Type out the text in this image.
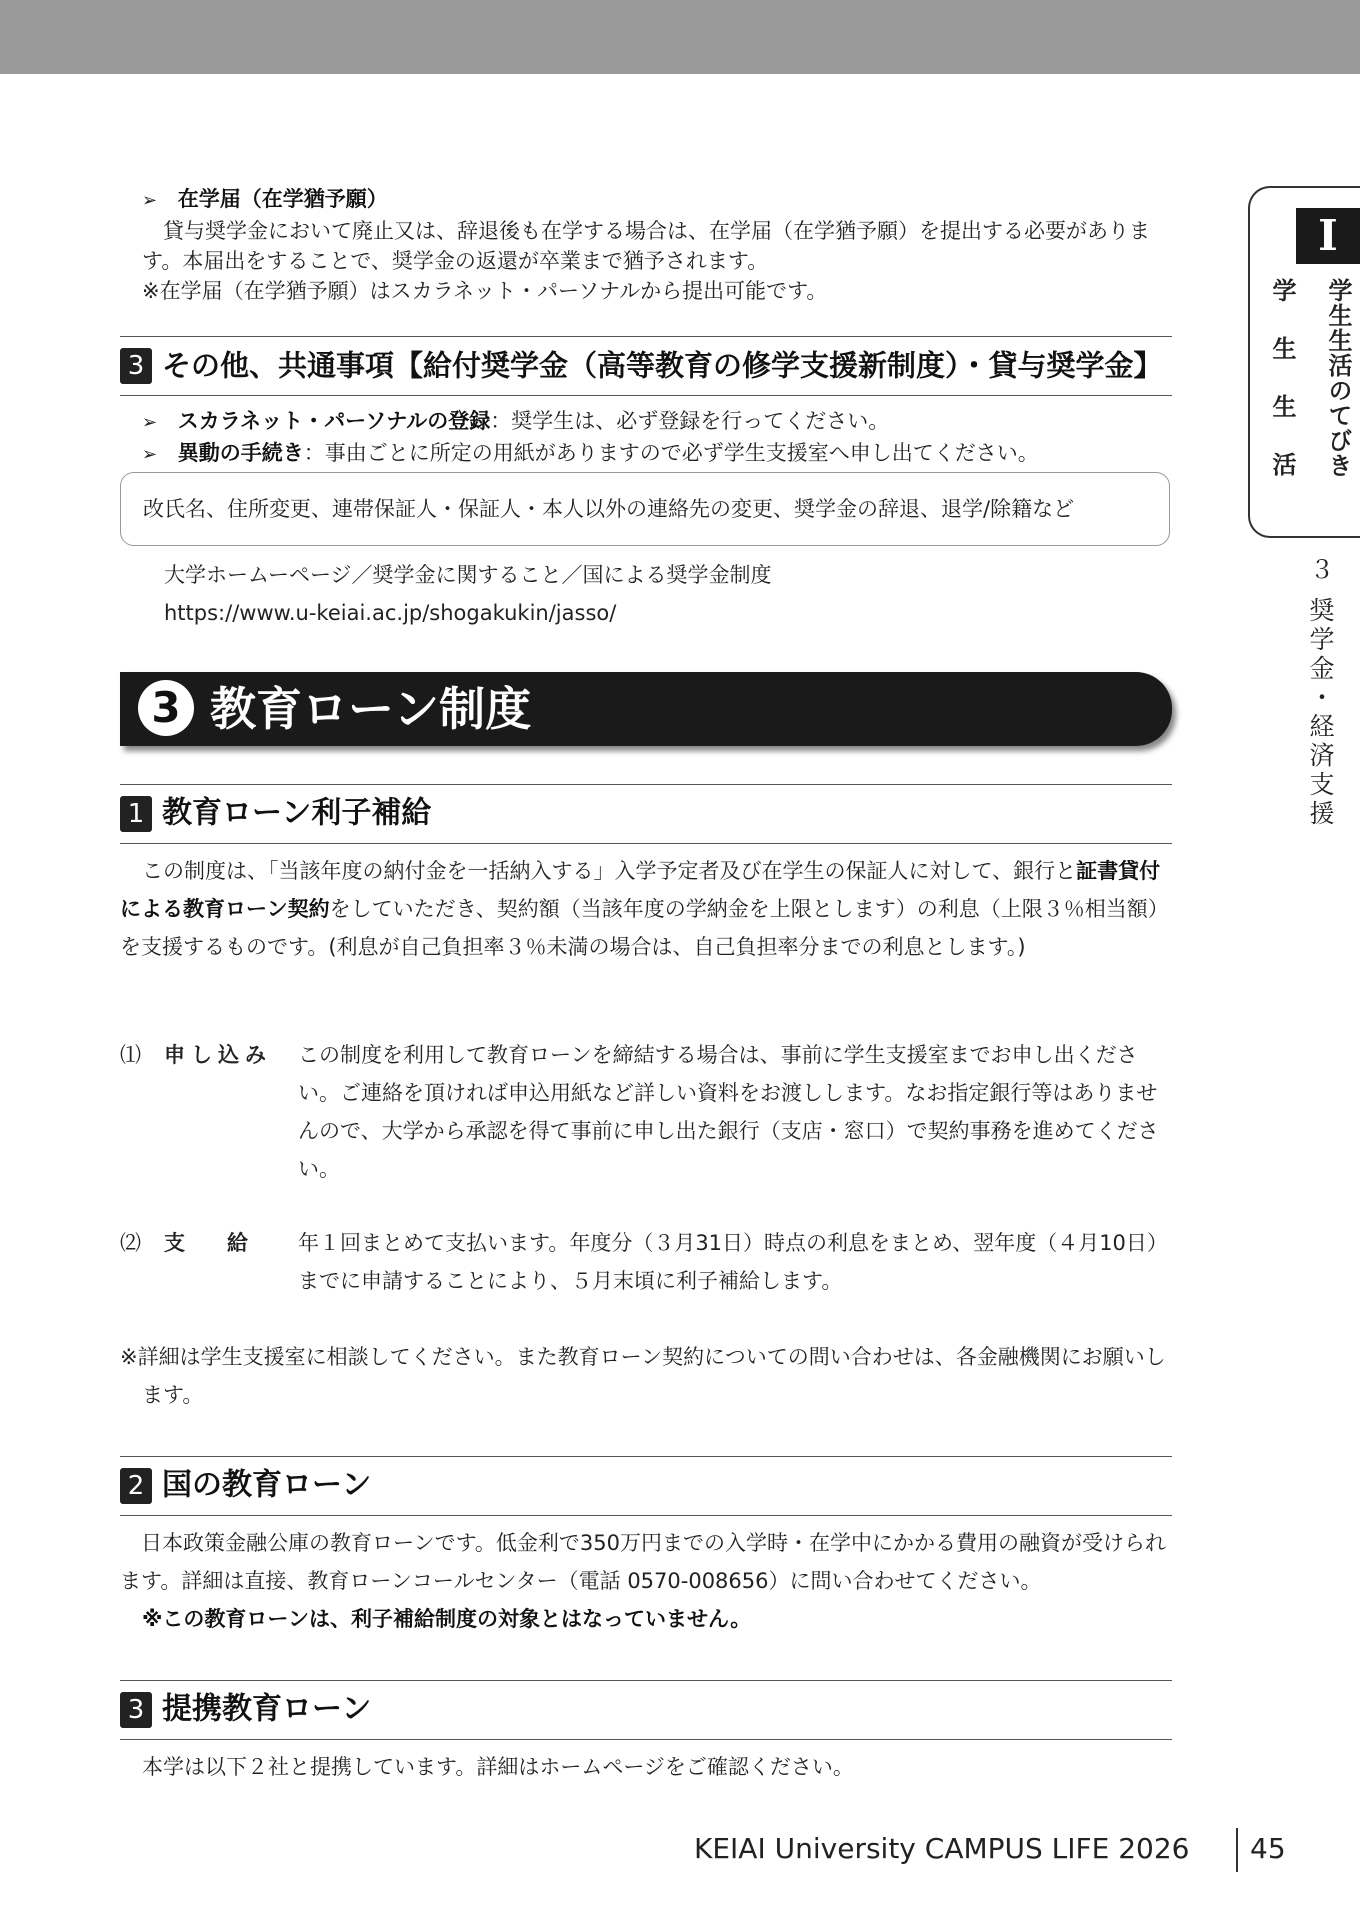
I
学生生活のてびき
学生生活
３ 奨学金・経済支援

➢ 在学届（在学猶予願）

　貸与奨学金において廃止又は、辞退後も在学する場合は、在学届（在学猶予願）を提出する必要があります。本届出をすることで、奨学金の返還が卒業まで猶予されます。

※在学届（在学猶予願）はスカラネット・パーソナルから提出可能です。

3 その他、共通事項【給付奨学金（高等教育の修学支援新制度）・貸与奨学金】

➢ スカラネット・パーソナルの登録：奨学生は、必ず登録を行ってください。

➢ 異動の手続き：事由ごとに所定の用紙がありますので必ず学生支援室へ申し出てください。

改氏名、住所変更、連帯保証人・保証人・本人以外の連絡先の変更、奨学金の辞退、退学/除籍など

大学ホームーページ／奨学金に関すること／国による奨学金制度

https://www.u-keiai.ac.jp/shogakukin/jasso/

3 教育ローン制度
1 教育ローン利子補給

この制度は、「当該年度の納付金を一括納入する」入学予定者及び在学生の保証人に対して、銀行と証書貸付による教育ローン契約をしていただき、契約額（当該年度の学納金を上限とします）の利息（上限３％相当額）を支援するものです。(利息が自己負担率３％未満の場合は、自己負担率分までの利息とします。)

⑴ 申し込み この制度を利用して教育ローンを締結する場合は、事前に学生支援室までお申し出ください。ご連絡を頂ければ申込用紙など詳しい資料をお渡しします。なお指定銀行等はありませんので、大学から承認を得て事前に申し出た銀行（支店・窓口）で契約事務を進めてください。
⑵ 支　　給 年１回まとめて支払います。年度分（３月31日）時点の利息をまとめ、翌年度（４月10日）までに申請することにより、５月末頃に利子補給します。

※詳細は学生支援室に相談してください。また教育ローン契約についての問い合わせは、各金融機関にお願いします。

2 国の教育ローン

　日本政策金融公庫の教育ローンです。低金利で350万円までの入学時・在学中にかかる費用の融資が受けられます。詳細は直接、教育ローンコールセンター（電話 0570-008656）に問い合わせてください。

※この教育ローンは、利子補給制度の対象とはなっていません。

3 提携教育ローン

本学は以下２社と提携しています。詳細はホームページをご確認ください。

KEIAI University CAMPUS LIFE 2026 45
